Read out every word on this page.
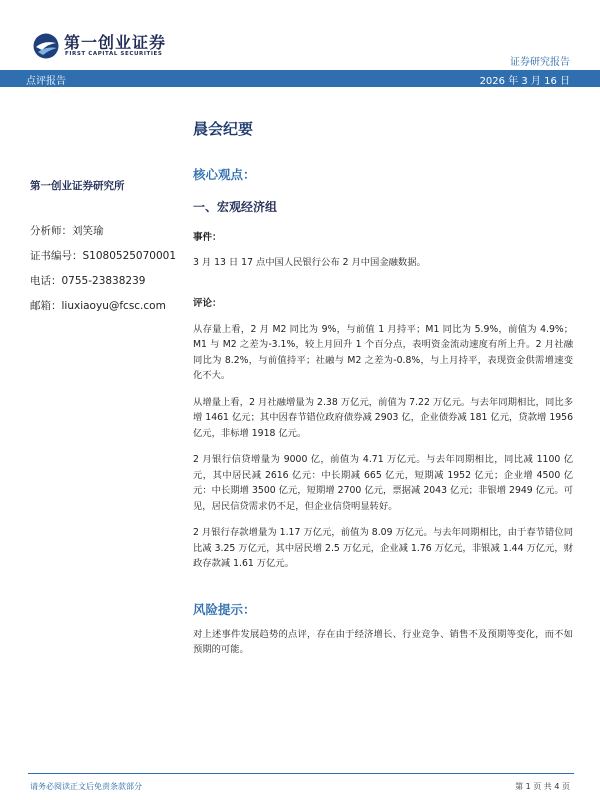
第一创业证券
FIRST CAPITAL SECURITIES
证券研究报告
点评报告	2026 年 3 月 16 日
晨会纪要
第一创业证券研究所
分析师：刘笑瑜
证书编号：S1080525070001
电话：0755-23838239
邮箱：liuxiaoyu@fcsc.com
核心观点：
一、宏观经济组
事件：
3 月 13 日 17 点中国人民银行公布 2 月中国金融数据。
评论：
从存量上看，2 月 M2 同比为 9%，与前值 1 月持平；M1 同比为 5.9%，前值为 4.9%；M1 与 M2 之差为-3.1%，较上月回升 1 个百分点，表明资金流动速度有所上升。2 月社融同比为 8.2%，与前值持平；社融与 M2 之差为-0.8%，与上月持平，表现资金供需增速变化不大。
从增量上看，2 月社融增量为 2.38 万亿元，前值为 7.22 万亿元。与去年同期相比，同比多增 1461 亿元；其中因春节错位政府债券减 2903 亿，企业债券减 181 亿元，贷款增 1956 亿元，非标增 1918 亿元。
2 月银行信贷增量为 9000 亿，前值为 4.71 万亿元。与去年同期相比，同比减 1100 亿元，其中居民减 2616 亿元：中长期减 665 亿元，短期减 1952 亿元；企业增 4500 亿元：中长期增 3500 亿元，短期增 2700 亿元，票据减 2043 亿元；非银增 2949 亿元。可见，居民信贷需求仍不足，但企业信贷明显转好。
2 月银行存款增量为 1.17 万亿元，前值为 8.09 万亿元。与去年同期相比，由于春节错位同比减 3.25 万亿元，其中居民增 2.5 万亿元，企业减 1.76 万亿元，非银减 1.44 万亿元，财政存款减 1.61 万亿元。
风险提示：
对上述事件发展趋势的点评，存在由于经济增长、行业竞争、销售不及预期等变化，而不如预期的可能。
请务必阅读正文后免责条款部分	第 1 页 共 4 页
